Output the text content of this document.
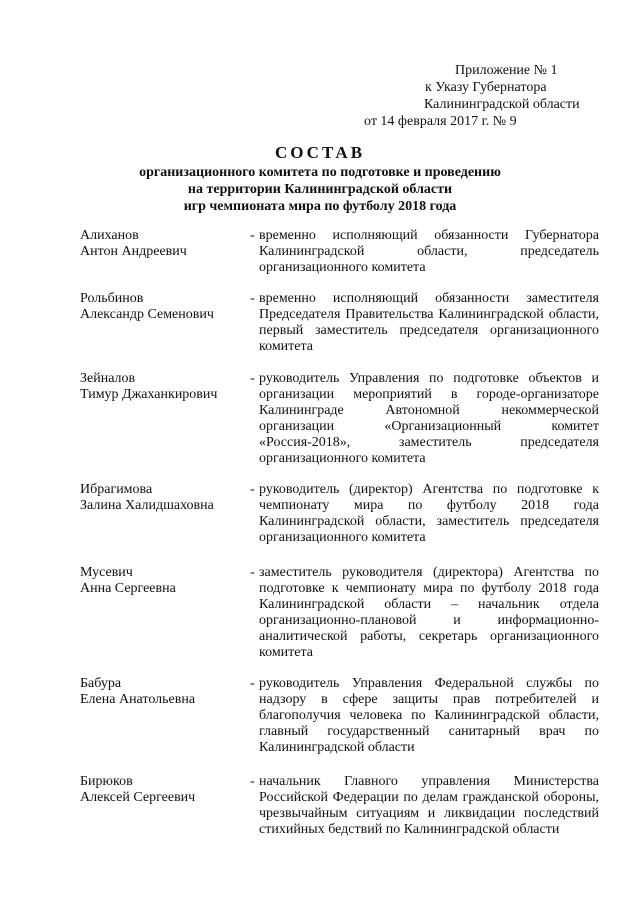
Приложение № 1
к Указу Губернатора
Калининградской области
от 14 февраля 2017 г. № 9
СОСТАВ
организационного комитета по подготовке и проведению
на территории Калининградской области
игр чемпионата мира по футболу 2018 года
Алиханов
Антон Андреевич
- временно исполняющий обязанности Губернатора Калининградской области, председатель организационного комитета
Рольбинов
Александр Семенович
- временно исполняющий обязанности заместителя Председателя Правительства Калининградской области, первый заместитель председателя организационного комитета
Зейналов
Тимур Джаханкирович
- руководитель Управления по подготовке объектов и организации мероприятий в городе-организаторе Калининграде Автономной некоммерческой организации «Организационный комитет «Россия-2018», заместитель председателя организационного комитета
Ибрагимова
Залина Халидшаховна
- руководитель (директор) Агентства по подготовке к чемпионату мира по футболу 2018 года Калининградской области, заместитель председателя организационного комитета
Мусевич
Анна Сергеевна
- заместитель руководителя (директора) Агентства по подготовке к чемпионату мира по футболу 2018 года Калининградской области – начальник отдела организационно-плановой и информационно-аналитической работы, секретарь организационного комитета
Бабура
Елена Анатольевна
- руководитель Управления Федеральной службы по надзору в сфере защиты прав потребителей и благополучия человека по Калининградской области, главный государственный санитарный врач по Калининградской области
Бирюков
Алексей Сергеевич
- начальник Главного управления Министерства Российской Федерации по делам гражданской обороны, чрезвычайным ситуациям и ликвидации последствий стихийных бедствий по Калининградской области
